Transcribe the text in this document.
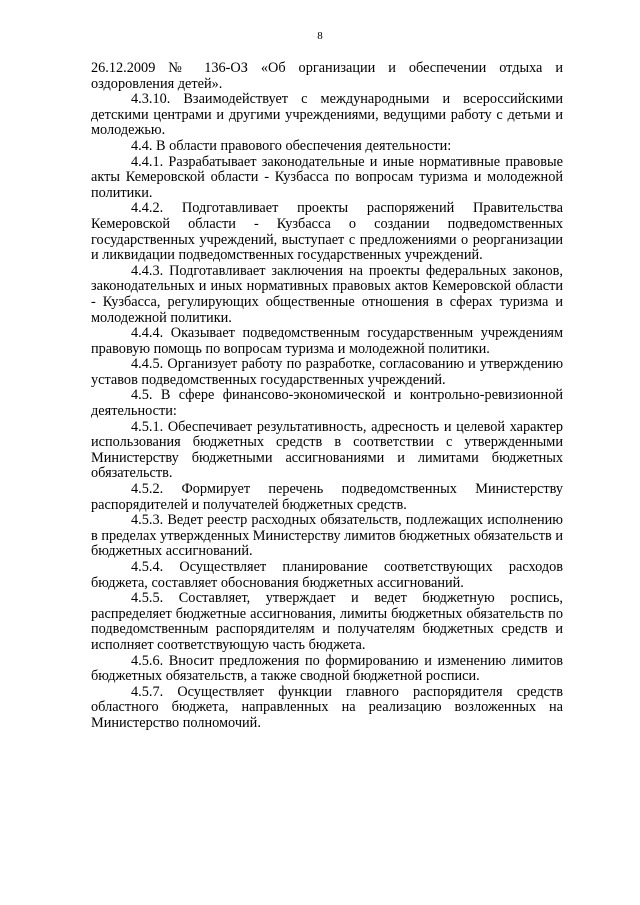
8

26.12.2009 № 136-ОЗ «Об организации и обеспечении отдыха и оздоровления детей».

4.3.10. Взаимодействует с международными и всероссийскими детскими центрами и другими учреждениями, ведущими работу с детьми и молодежью.

4.4. В области правового обеспечения деятельности:

4.4.1. Разрабатывает законодательные и иные нормативные правовые акты Кемеровской области - Кузбасса по вопросам туризма и молодежной политики.

4.4.2. Подготавливает проекты распоряжений Правительства Кемеровской области - Кузбасса о создании подведомственных государственных учреждений, выступает с предложениями о реорганизации и ликвидации подведомственных государственных учреждений.

4.4.3. Подготавливает заключения на проекты федеральных законов, законодательных и иных нормативных правовых актов Кемеровской области - Кузбасса, регулирующих общественные отношения в сферах туризма и молодежной политики.

4.4.4. Оказывает подведомственным государственным учреждениям правовую помощь по вопросам туризма и молодежной политики.

4.4.5. Организует работу по разработке, согласованию и утверждению уставов подведомственных государственных учреждений.

4.5. В сфере финансово-экономической и контрольно-ревизионной деятельности:

4.5.1. Обеспечивает результативность, адресность и целевой характер использования бюджетных средств в соответствии с утвержденными Министерству бюджетными ассигнованиями и лимитами бюджетных обязательств.

4.5.2. Формирует перечень подведомственных Министерству распорядителей и получателей бюджетных средств.

4.5.3. Ведет реестр расходных обязательств, подлежащих исполнению в пределах утвержденных Министерству лимитов бюджетных обязательств и бюджетных ассигнований.

4.5.4. Осуществляет планирование соответствующих расходов бюджета, составляет обоснования бюджетных ассигнований.

4.5.5. Составляет, утверждает и ведет бюджетную роспись, распределяет бюджетные ассигнования, лимиты бюджетных обязательств по подведомственным распорядителям и получателям бюджетных средств и исполняет соответствующую часть бюджета.

4.5.6. Вносит предложения по формированию и изменению лимитов бюджетных обязательств, а также сводной бюджетной росписи.

4.5.7. Осуществляет функции главного распорядителя средств областного бюджета, направленных на реализацию возложенных на Министерство полномочий.
